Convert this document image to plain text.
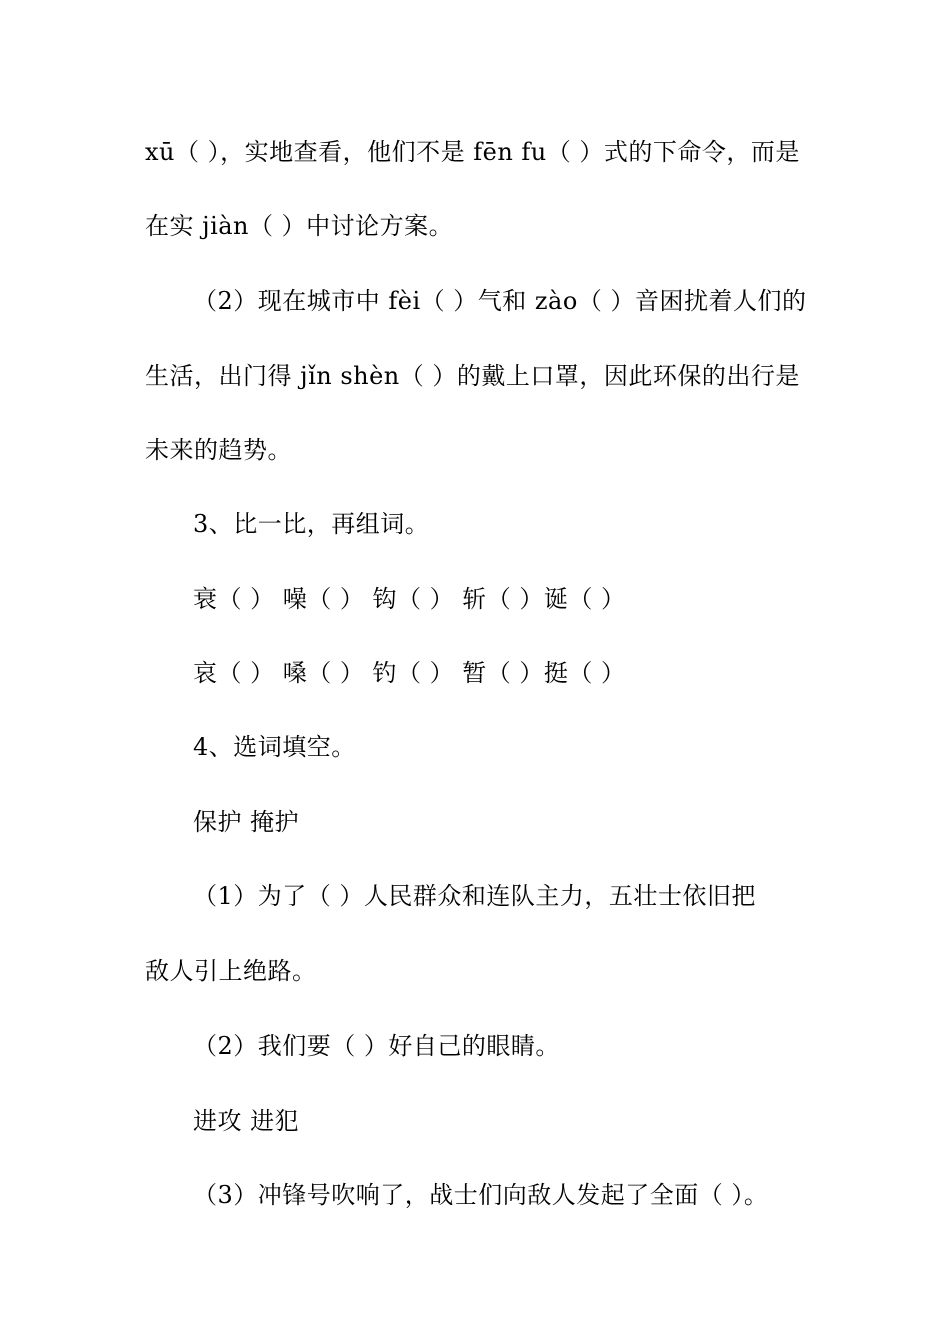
xū（ ），实地查看，他们不是 fēn fu（ ）式的下命令，而是
在实 jiàn（ ）中讨论方案。
（2）现在城市中 fèi（ ）气和 zào（ ）音困扰着人们的
生活，出门得 jǐn shèn（ ）的戴上口罩，因此环保的出行是
未来的趋势。
3、比一比，再组词。
衰（ ） 噪（ ） 钩（ ） 斩（ ）诞（ ）
哀（ ） 嗓（ ） 钓（ ） 暂（ ）挺（ ）
4、选词填空。
保护 掩护
（1）为了（ ）人民群众和连队主力，五壮士依旧把
敌人引上绝路。
（2）我们要（ ）好自己的眼睛。
进攻 进犯
（3）冲锋号吹响了，战士们向敌人发起了全面（ ）。
